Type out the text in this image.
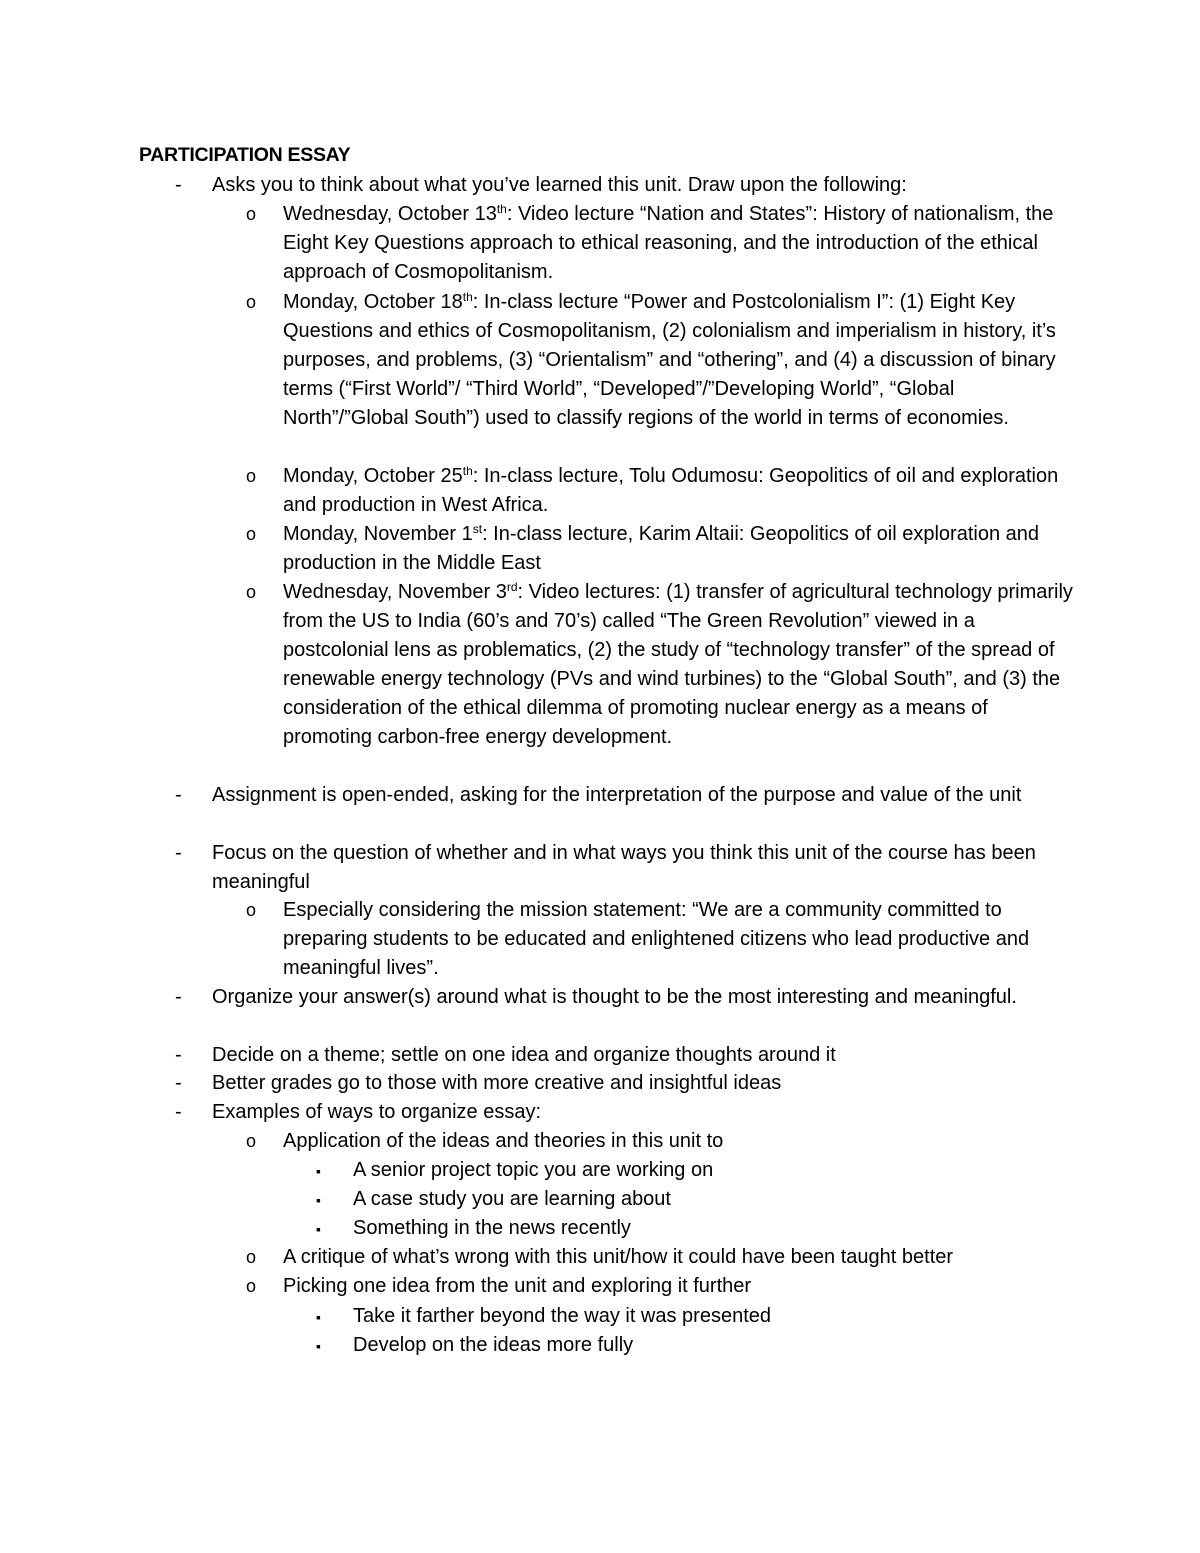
PARTICIPATION ESSAY
- Asks you to think about what you’ve learned this unit. Draw upon the following:
o Wednesday, October 13th: Video lecture “Nation and States”: History of nationalism, the Eight Key Questions approach to ethical reasoning, and the introduction of the ethical approach of Cosmopolitanism.
o Monday, October 18th: In-class lecture “Power and Postcolonialism I”: (1) Eight Key Questions and ethics of Cosmopolitanism, (2) colonialism and imperialism in history, it’s purposes, and problems, (3) “Orientalism” and “othering”, and (4) a discussion of binary terms (“First World”/ “Third World”, “Developed”/”Developing World”, “Global North”/”Global South”) used to classify regions of the world in terms of economies.
o Monday, October 25th: In-class lecture, Tolu Odumosu: Geopolitics of oil and exploration and production in West Africa.
o Monday, November 1st: In-class lecture, Karim Altaii: Geopolitics of oil exploration and production in the Middle East
o Wednesday, November 3rd: Video lectures: (1) transfer of agricultural technology primarily from the US to India (60’s and 70’s) called “The Green Revolution” viewed in a postcolonial lens as problematics, (2) the study of “technology transfer” of the spread of renewable energy technology (PVs and wind turbines) to the “Global South”, and (3) the consideration of the ethical dilemma of promoting nuclear energy as a means of promoting carbon-free energy development.
- Assignment is open-ended, asking for the interpretation of the purpose and value of the unit
- Focus on the question of whether and in what ways you think this unit of the course has been meaningful
o Especially considering the mission statement: “We are a community committed to preparing students to be educated and enlightened citizens who lead productive and meaningful lives”.
- Organize your answer(s) around what is thought to be the most interesting and meaningful.
- Decide on a theme; settle on one idea and organize thoughts around it
- Better grades go to those with more creative and insightful ideas
- Examples of ways to organize essay:
o Application of the ideas and theories in this unit to
▪ A senior project topic you are working on
▪ A case study you are learning about
▪ Something in the news recently
o A critique of what’s wrong with this unit/how it could have been taught better
o Picking one idea from the unit and exploring it further
▪ Take it farther beyond the way it was presented
▪ Develop on the ideas more fully
